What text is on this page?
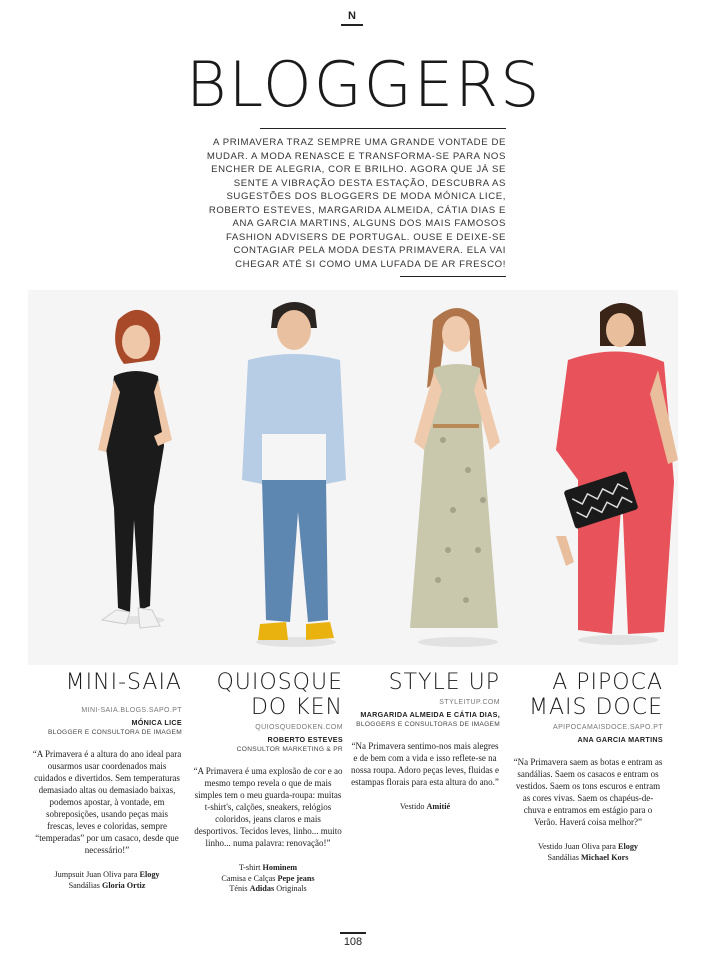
N
BLOGGERS
A PRIMAVERA TRAZ SEMPRE UMA GRANDE VONTADE DE MUDAR. A MODA RENASCE E TRANSFORMA-SE PARA NOS ENCHER DE ALEGRIA, COR E BRILHO. AGORA QUE JÁ SE SENTE A VIBRAÇÃO DESTA ESTAÇÃO, DESCUBRA AS SUGESTÕES DOS BLOGGERS DE MODA MÓNICA LICE, ROBERTO ESTEVES, MARGARIDA ALMEIDA, CÁTIA DIAS E ANA GARCIA MARTINS, ALGUNS DOS MAIS FAMOSOS FASHION ADVISERS DE PORTUGAL. OUSE E DEIXE-SE CONTAGIAR PELA MODA DESTA PRIMAVERA. ELA VAI CHEGAR ATÉ SI COMO UMA LUFADA DE AR FRESCO!
MINI-SAIA
MINI-SAIA.BLOGS.SAPO.PT
MÓNICA LICE
BLOGGER E CONSULTORA DE IMAGEM
“A Primavera é a altura do ano ideal para ousarmos usar coordenados mais cuidados e divertidos. Sem temperaturas demasiado altas ou demasiado baixas, podemos apostar, à vontade, em sobreposições, usando peças mais frescas, leves e coloridas, sempre “temperadas” por um casaco, desde que necessário!”
Jumpsuit Juan Oliva para Elogy
Sandálias Gloria Ortiz
QUIOSQUE
DO KEN
QUIOSQUEDOKEN.COM
ROBERTO ESTEVES
CONSULTOR MARKETING & PR
“A Primavera é uma explosão de cor e ao mesmo tempo revela o que de mais simples tem o meu guarda-roupa: muitas t-shirt's, calções, sneakers, relógios coloridos, jeans claros e mais desportivos. Tecidos leves, linho... muito linho... numa palavra: renovação!”
T-shirt Hominem
Camisa e Calças Pepe jeans
Ténis Adidas Originals
STYLE UP
STYLEITUP.COM
MARGARIDA ALMEIDA E CÁTIA DIAS,
BLOGGERS E CONSULTORAS DE IMAGEM
“Na Primavera sentimo-nos mais alegres e de bem com a vida e isso reflete-se na nossa roupa. Adoro peças leves, fluidas e estampas florais para esta altura do ano.”
Vestido Amitié
A PIPOCA
MAIS DOCE
APIPOCAMAISDOCE.SAPO.PT
ANA GARCIA MARTINS
“Na Primavera saem as botas e entram as sandálias. Saem os casacos e entram os vestidos. Saem os tons escuros e entram as cores vivas. Saem os chapéus-de-chuva e entramos em estágio para o Verão. Haverá coisa melhor?”
Vestido Juan Oliva para Elogy
Sandálias Michael Kors
108
